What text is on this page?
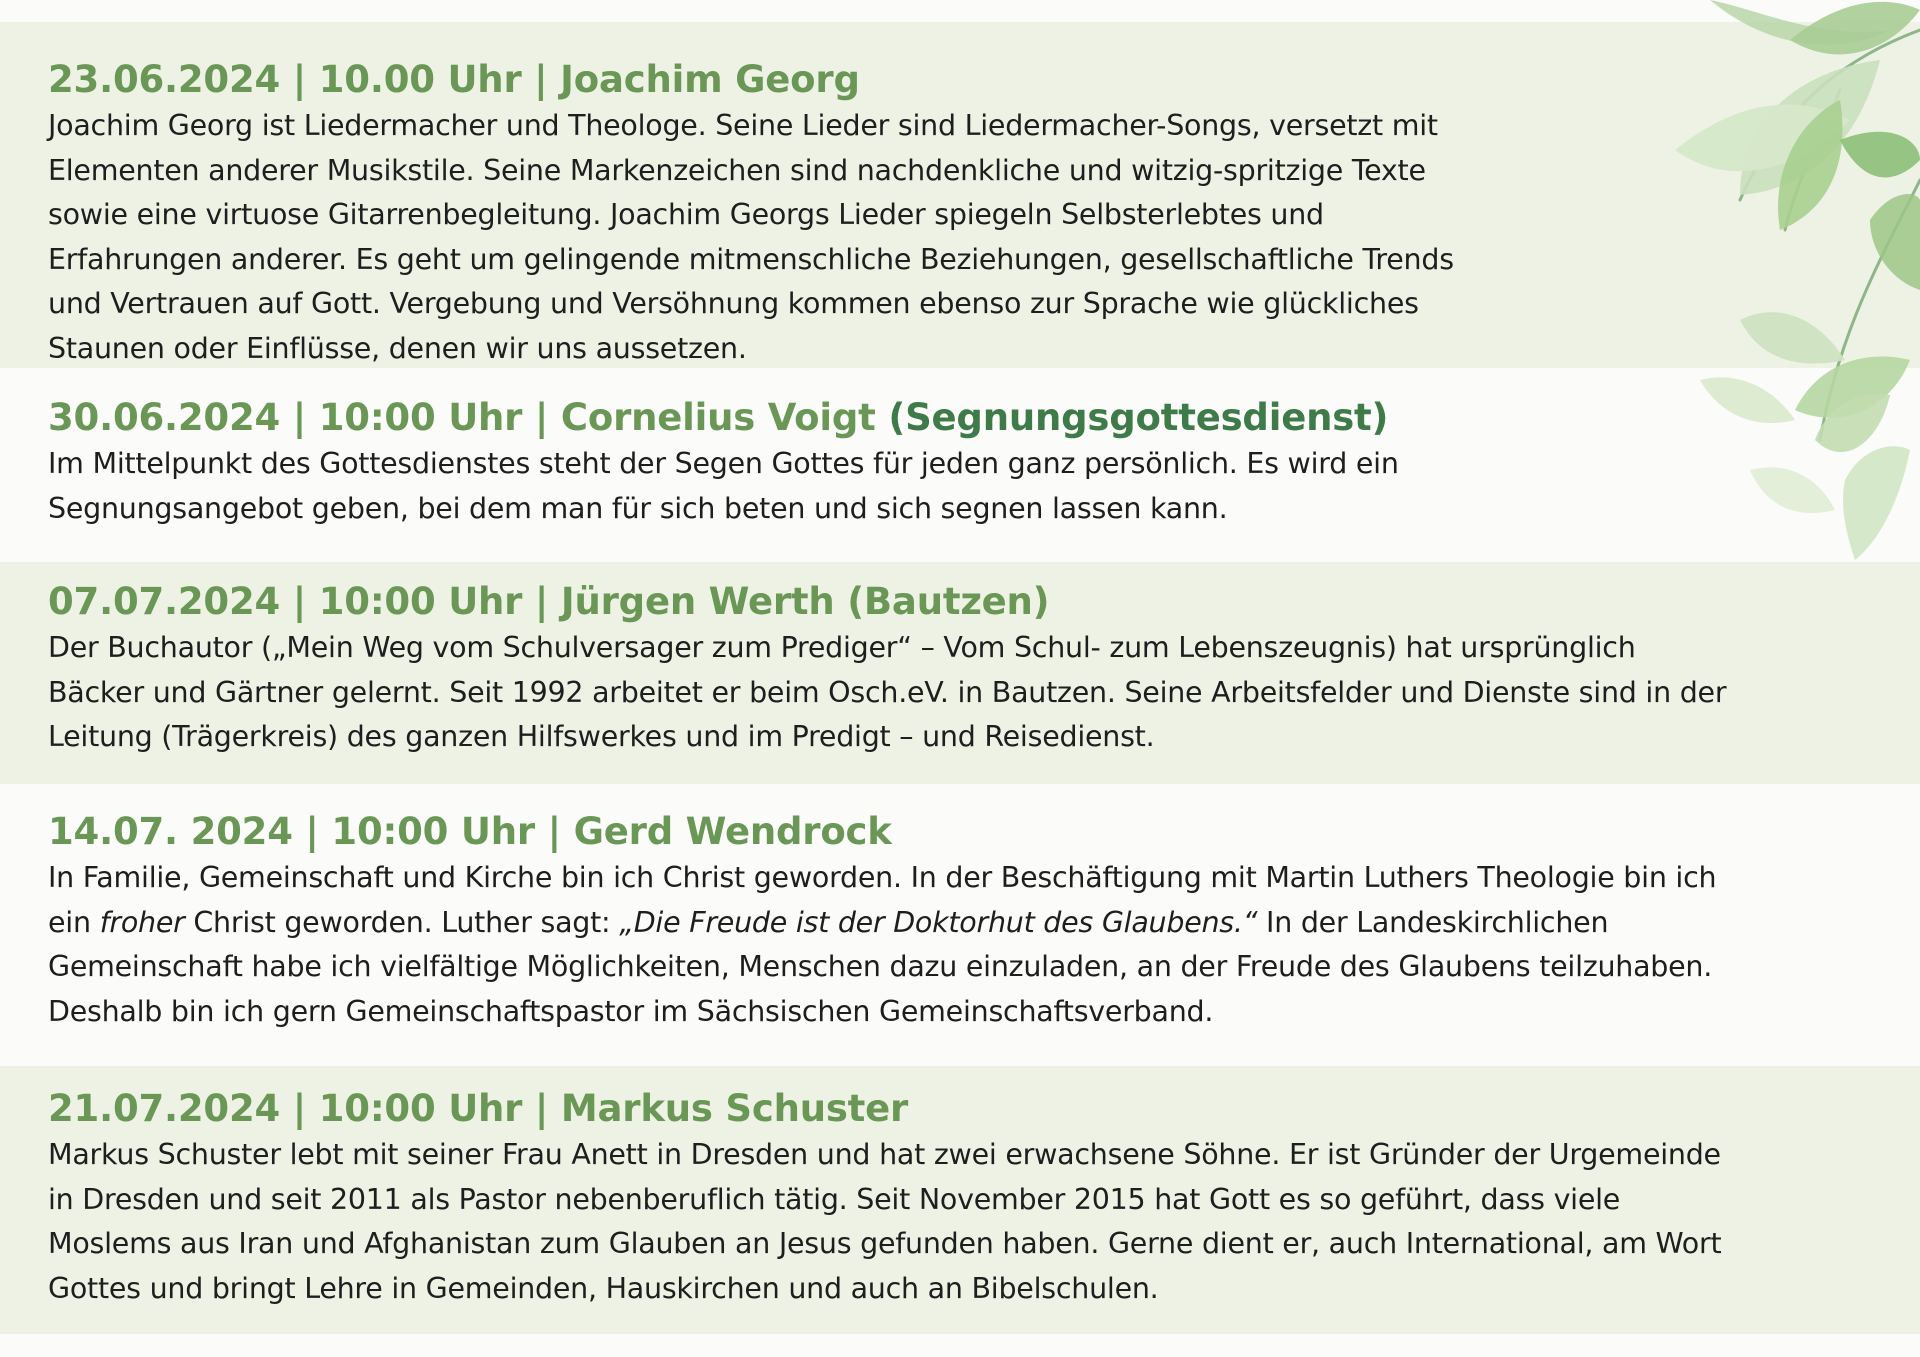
23.06.2024 | 10.00 Uhr | Joachim Georg

Joachim Georg ist Liedermacher und Theologe. Seine Lieder sind Liedermacher-Songs, versetzt mit
Elementen anderer Musikstile. Seine Markenzeichen sind nachdenkliche und witzig-spritzige Texte
sowie eine virtuose Gitarrenbegleitung. Joachim Georgs Lieder spiegeln Selbsterlebtes und
Erfahrungen anderer. Es geht um gelingende mitmenschliche Beziehungen, gesellschaftliche Trends
und Vertrauen auf Gott. Vergebung und Versöhnung kommen ebenso zur Sprache wie glückliches
Staunen oder Einflüsse, denen wir uns aussetzen.

30.06.2024 | 10:00 Uhr | Cornelius Voigt (Segnungsgottesdienst)

Im Mittelpunkt des Gottesdienstes steht der Segen Gottes für jeden ganz persönlich. Es wird ein
Segnungsangebot geben, bei dem man für sich beten und sich segnen lassen kann.

07.07.2024 | 10:00 Uhr | Jürgen Werth (Bautzen)

Der Buchautor („Mein Weg vom Schulversager zum Prediger“ – Vom Schul- zum Lebenszeugnis) hat ursprünglich
Bäcker und Gärtner gelernt. Seit 1992 arbeitet er beim Osch.eV. in Bautzen. Seine Arbeitsfelder und Dienste sind in der
Leitung (Trägerkreis) des ganzen Hilfswerkes und im Predigt – und Reisedienst.

14.07. 2024 | 10:00 Uhr | Gerd Wendrock

In Familie, Gemeinschaft und Kirche bin ich Christ geworden. In der Beschäftigung mit Martin Luthers Theologie bin ich
ein froher Christ geworden. Luther sagt: „Die Freude ist der Doktorhut des Glaubens.“ In der Landeskirchlichen
Gemeinschaft habe ich vielfältige Möglichkeiten, Menschen dazu einzuladen, an der Freude des Glaubens teilzuhaben.
Deshalb bin ich gern Gemeinschaftspastor im Sächsischen Gemeinschaftsverband.

21.07.2024 | 10:00 Uhr | Markus Schuster

Markus Schuster lebt mit seiner Frau Anett in Dresden und hat zwei erwachsene Söhne. Er ist Gründer der Urgemeinde
in Dresden und seit 2011 als Pastor nebenberuflich tätig. Seit November 2015 hat Gott es so geführt, dass viele
Moslems aus Iran und Afghanistan zum Glauben an Jesus gefunden haben. Gerne dient er, auch International, am Wort
Gottes und bringt Lehre in Gemeinden, Hauskirchen und auch an Bibelschulen.
